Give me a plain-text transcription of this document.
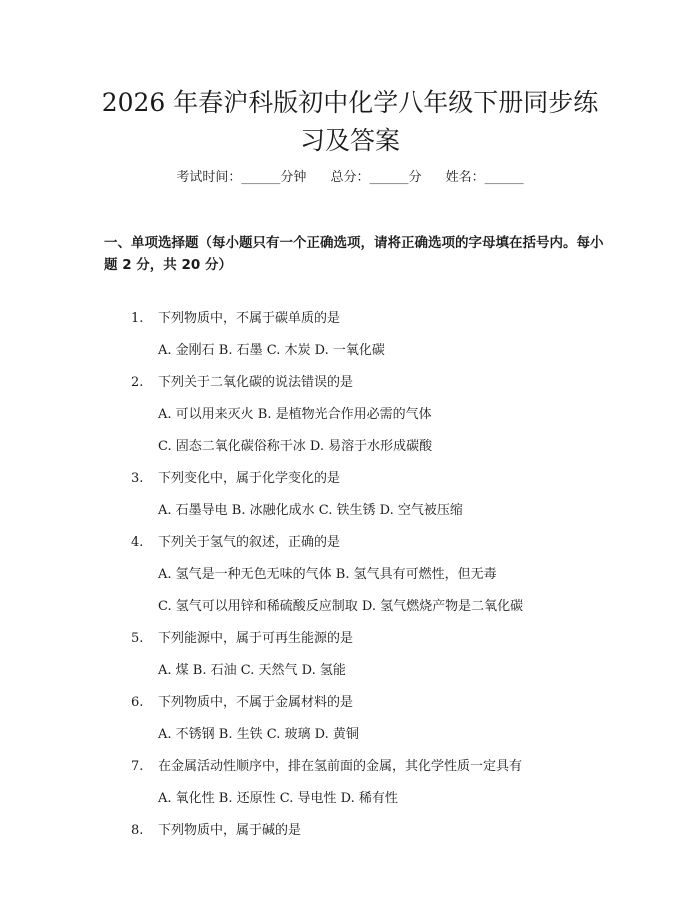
2026 年春沪科版初中化学八年级下册同步练
习及答案
考试时间：______分钟 总分：______分 姓名：______
一、单项选择题（每小题只有一个正确选项，请将正确选项的字母填在括号内。每小题 2 分，共 20 分）
1. 下列物质中，不属于碳单质的是
A. 金刚石 B. 石墨 C. 木炭 D. 一氧化碳
2. 下列关于二氧化碳的说法错误的是
A. 可以用来灭火 B. 是植物光合作用必需的气体
C. 固态二氧化碳俗称干冰 D. 易溶于水形成碳酸
3. 下列变化中，属于化学变化的是
A. 石墨导电 B. 冰融化成水 C. 铁生锈 D. 空气被压缩
4. 下列关于氢气的叙述，正确的是
A. 氢气是一种无色无味的气体 B. 氢气具有可燃性，但无毒
C. 氢气可以用锌和稀硫酸反应制取 D. 氢气燃烧产物是二氧化碳
5. 下列能源中，属于可再生能源的是
A. 煤 B. 石油 C. 天然气 D. 氢能
6. 下列物质中，不属于金属材料的是
A. 不锈钢 B. 生铁 C. 玻璃 D. 黄铜
7. 在金属活动性顺序中，排在氢前面的金属，其化学性质一定具有
A. 氧化性 B. 还原性 C. 导电性 D. 稀有性
8. 下列物质中，属于碱的是
